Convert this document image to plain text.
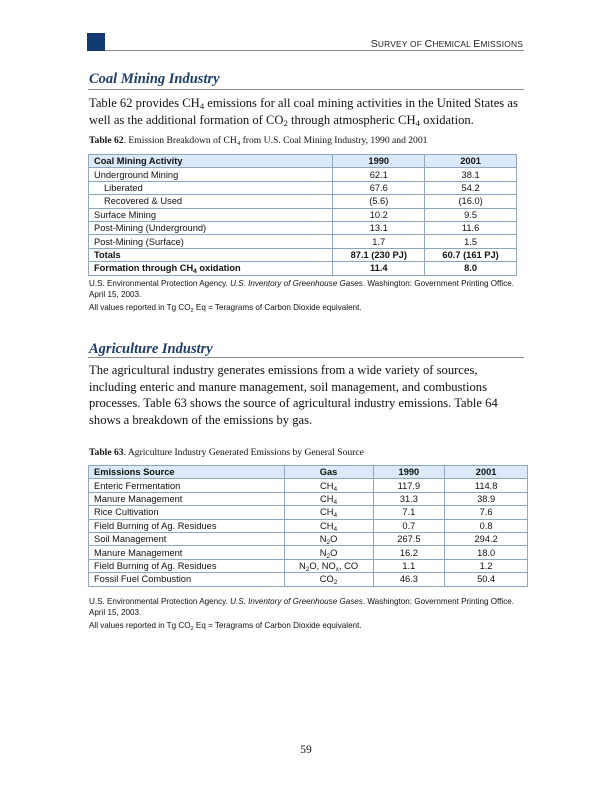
SURVEY OF CHEMICAL EMISSIONS
Coal Mining Industry
Table 62 provides $CH_4$ emissions for all coal mining activities in the United States as well as the additional formation of $CO_2$ through atmospheric $CH_4$ oxidation.
Table 62. Emission Breakdown of $CH_4$ from U.S. Coal Mining Industry, 1990 and 2001
Coal Mining Activity	1990	2001
Underground Mining	62.1	38.1
Liberated	67.6	54.2
Recovered & Used	(5.6)	(16.0)
Surface Mining	10.2	9.5
Post-Mining (Underground)	13.1	11.6
Post-Mining (Surface)	1.7	1.5
Totals	87.1 (230 PJ)	60.7 (161 PJ)
Formation through $CH_4$ oxidation	11.4	8.0
U.S. Environmental Protection Agency. U.S. Inventory of Greenhouse Gases. Washington: Government Printing Office. April 15, 2003.
All values reported in Tg $CO_2$ Eq = Teragrams of Carbon Dioxide equivalent.
Agriculture Industry
The agricultural industry generates emissions from a wide variety of sources, including enteric and manure management, soil management, and combustions processes. Table 63 shows the source of agricultural industry emissions. Table 64 shows a breakdown of the emissions by gas.
Table 63. Agriculture Industry Generated Emissions by General Source
Emissions Source	Gas	1990	2001
Enteric Fermentation	$CH_4$	117.9	114.8
Manure Management	$CH_4$	31.3	38.9
Rice Cultivation	$CH_4$	7.1	7.6
Field Burning of Ag. Residues	$CH_4$	0.7	0.8
Soil Management	$N_2O$	267.5	294.2
Manure Management	$N_2O$	16.2	18.0
Field Burning of Ag. Residues	$N_2O$, $NO_x$, CO	1.1	1.2
Fossil Fuel Combustion	$CO_2$	46.3	50.4
U.S. Environmental Protection Agency. U.S. Inventory of Greenhouse Gases. Washington: Government Printing Office. April 15, 2003.
All values reported in Tg $CO_2$ Eq = Teragrams of Carbon Dioxide equivalent.
59
